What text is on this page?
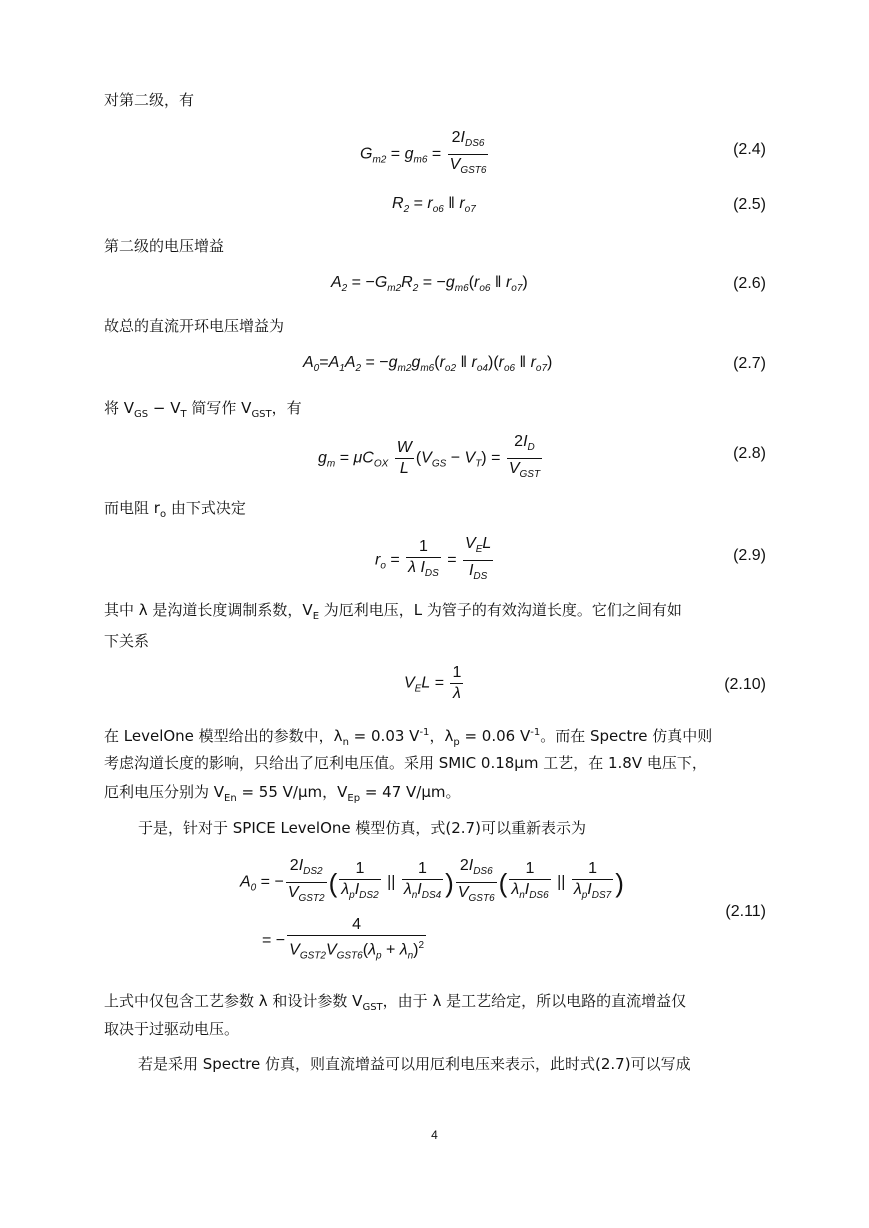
对第二级，有
$G_{m2} = g_{m6} = \frac{2I_{DS6}}{V_{GST6}}$	(2.4)
$R_2 = r_{o6}$ ‖ $r_{o7}$	(2.5)
第二级的电压增益
$A_2 = -G_{m2}R_2 = -g_{m6}(r_{o6}$ ‖ $r_{o7}$)	(2.6)
故总的直流开环电压增益为
$A_0=A_1A_2 = -g_{m2}g_{m6}(r_{o2}$ ‖ $r_{o4})(r_{o6}$ ‖ $r_{o7}$)	(2.7)
将 $V_{GS} - V_T$ 简写作 $V_{GST}$，有
$g_m = \mu C_{OX} \frac{W}{L} (V_{GS} - V_T) = \frac{2I_D}{V_{GST}}$	(2.8)
而电阻 $r_o$ 由下式决定
$r_o = \frac{1}{\lambda I_{DS}} = \frac{V_EL}{I_{DS}}$	(2.9)
其中 λ 是沟道长度调制系数，$V_E$ 为厄利电压，L 为管子的有效沟道长度。它们之间有如
下关系
$V_EL = \frac{1}{\lambda}$	(2.10)
在 LevelOne 模型给出的参数中，$\lambda_n = 0.03$ $V^{-1}$，$\lambda_p = 0.06$ $V^{-1}$。而在 Spectre 仿真中则
考虑沟道长度的影响，只给出了厄利电压值。采用 SMIC 0.18μm 工艺，在 1.8V 电压下，
厄利电压分别为 $V_{En} = 55$ V/μm，$V_{Ep} = 47$ V/μm。
于是，针对于 SPICE LevelOne 模型仿真，式(2.7)可以重新表示为
$A_0$ = − $\frac{2I_{DS2}}{V_{GST2}}$ ( $\frac{1}{\lambda_pI_{DS2}}$ || $\frac{1}{\lambda_nI_{DS4}}$ ) $\frac{2I_{DS6}}{V_{GST6}}$ ( $\frac{1}{\lambda_nI_{DS6}}$ || $\frac{1}{\lambda_pI_{DS7}}$ )
= − $\frac{4}{V_{GST2}V_{GST6}(\lambda_p + \lambda_n)^2}$
(2.11)
上式中仅包含工艺参数 λ 和设计参数 $V_{GST}$，由于 λ 是工艺给定，所以电路的直流增益仅
取决于过驱动电压。
若是采用 Spectre 仿真，则直流增益可以用厄利电压来表示，此时式(2.7)可以写成
4
